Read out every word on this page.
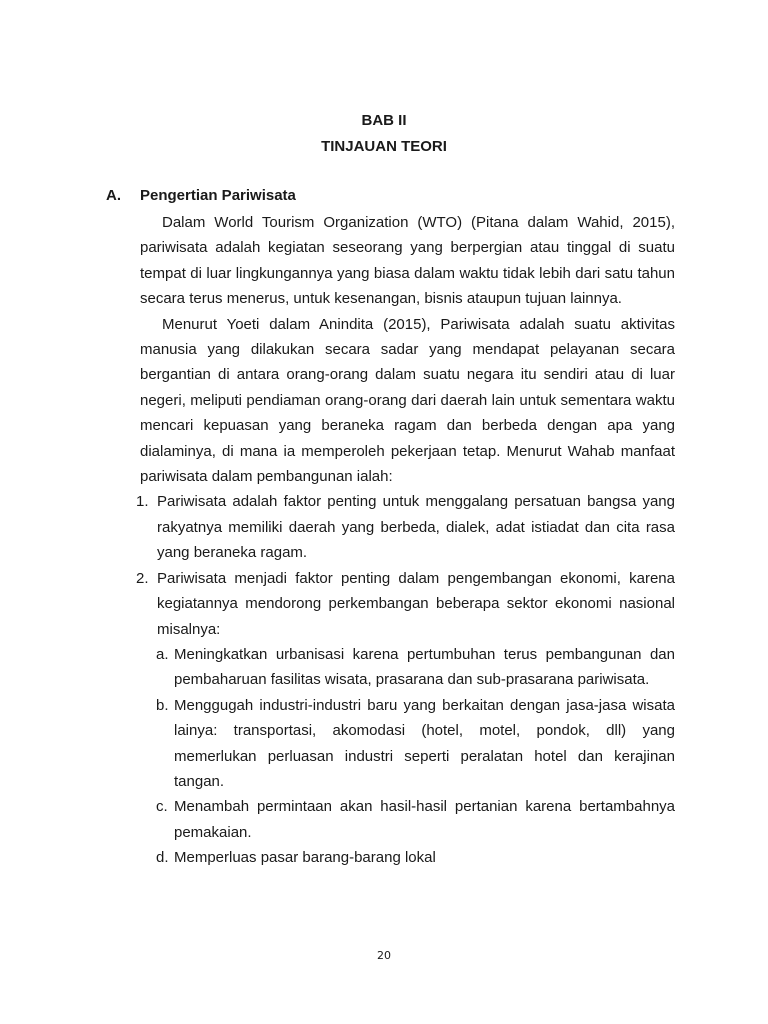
BAB II
TINJAUAN TEORI
A. Pengertian Pariwisata

Dalam World Tourism Organization (WTO) (Pitana dalam Wahid, 2015), pariwisata adalah kegiatan seseorang yang berpergian atau tinggal di suatu tempat di luar lingkungannya yang biasa dalam waktu tidak lebih dari satu tahun secara terus menerus, untuk kesenangan, bisnis ataupun tujuan lainnya.

Menurut Yoeti dalam Anindita (2015), Pariwisata adalah suatu aktivitas manusia yang dilakukan secara sadar yang mendapat pelayanan secara bergantian di antara orang-orang dalam suatu negara itu sendiri atau di luar negeri, meliputi pendiaman orang-orang dari daerah lain untuk sementara waktu mencari kepuasan yang beraneka ragam dan berbeda dengan apa yang dialaminya, di mana ia memperoleh pekerjaan tetap. Menurut Wahab manfaat pariwisata dalam pembangunan ialah:

1. Pariwisata adalah faktor penting untuk menggalang persatuan bangsa yang rakyatnya memiliki daerah yang berbeda, dialek, adat istiadat dan cita rasa yang beraneka ragam.
2. Pariwisata menjadi faktor penting dalam pengembangan ekonomi, karena kegiatannya mendorong perkembangan beberapa sektor ekonomi nasional misalnya:
a. Meningkatkan urbanisasi karena pertumbuhan terus pembangunan dan pembaharuan fasilitas wisata, prasarana dan sub-prasarana pariwisata.
b. Menggugah industri-industri baru yang berkaitan dengan jasa-jasa wisata lainya: transportasi, akomodasi (hotel, motel, pondok, dll) yang memerlukan perluasan industri seperti peralatan hotel dan kerajinan tangan.
c. Menambah permintaan akan hasil-hasil pertanian karena bertambahnya pemakaian.
d. Memperluas pasar barang-barang lokal
20
